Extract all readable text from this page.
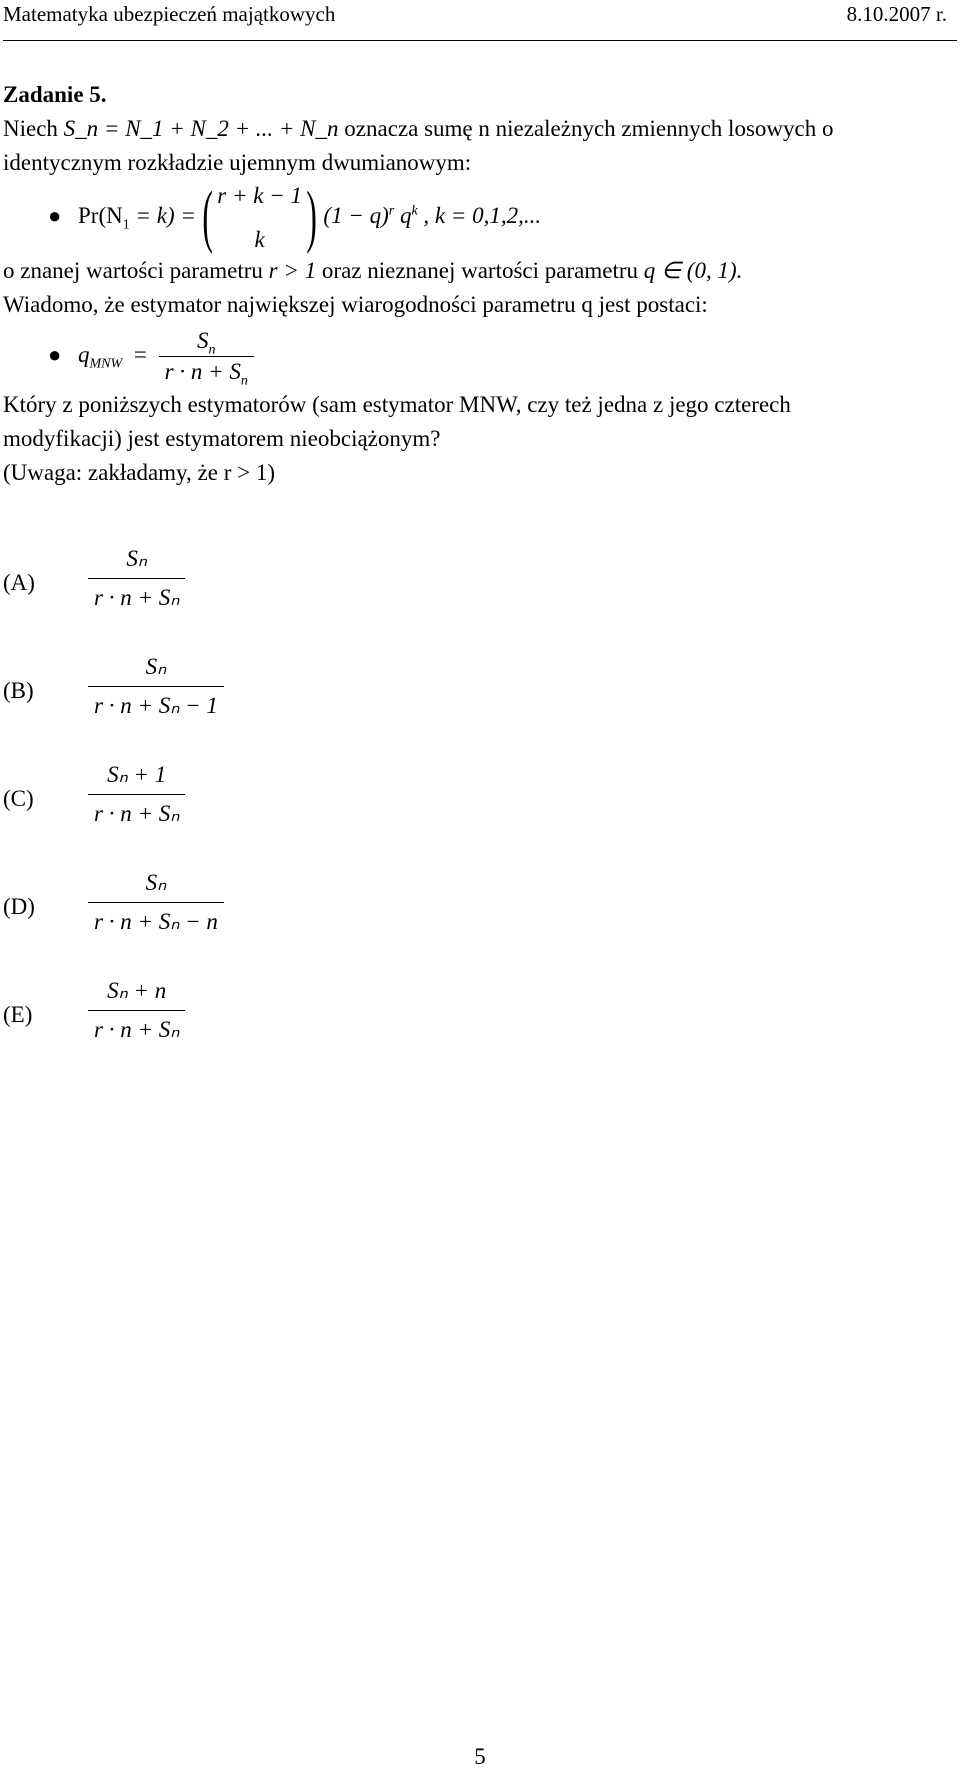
Matematyka ubezpieczeń majątkowych	8.10.2007 r.
Zadanie 5.
Niech S_n = N_1 + N_2 + ... + N_n oznacza sumę n niezależnych zmiennych losowych o
identycznym rozkładzie ujemnym dwumianowym:
● $Pr(N_1 = k)$ = ( r + k − 1
k ) $(1 - q)^r$ $q^k$ , k = 0,1,2,...
o znanej wartości parametru r > 1 oraz nieznanej wartości parametru q ∈ (0, 1).
Wiadomo, że estymator największej wiarogodności parametru q jest postaci:
● $q_{MNW} = \frac{S_n}{r \cdot n + S_n}$
Który z poniższych estymatorów (sam estymator MNW, czy też jedna z jego czterech
modyfikacji) jest estymatorem nieobciążonym?
(Uwaga: zakładamy, że r > 1)
$(A) \frac{\text{Sₙ}}{\text{r · n + Sₙ}}$
$(B) \frac{\text{Sₙ}}{\text{r · n + Sₙ − 1}}$
$(C) \frac{\text{Sₙ + 1}}{\text{r · n + Sₙ}}$
$(D) \frac{\text{Sₙ}}{\text{r · n + Sₙ − n}}$
$(E) \frac{\text{Sₙ + n}}{\text{r · n + Sₙ}}$
5
